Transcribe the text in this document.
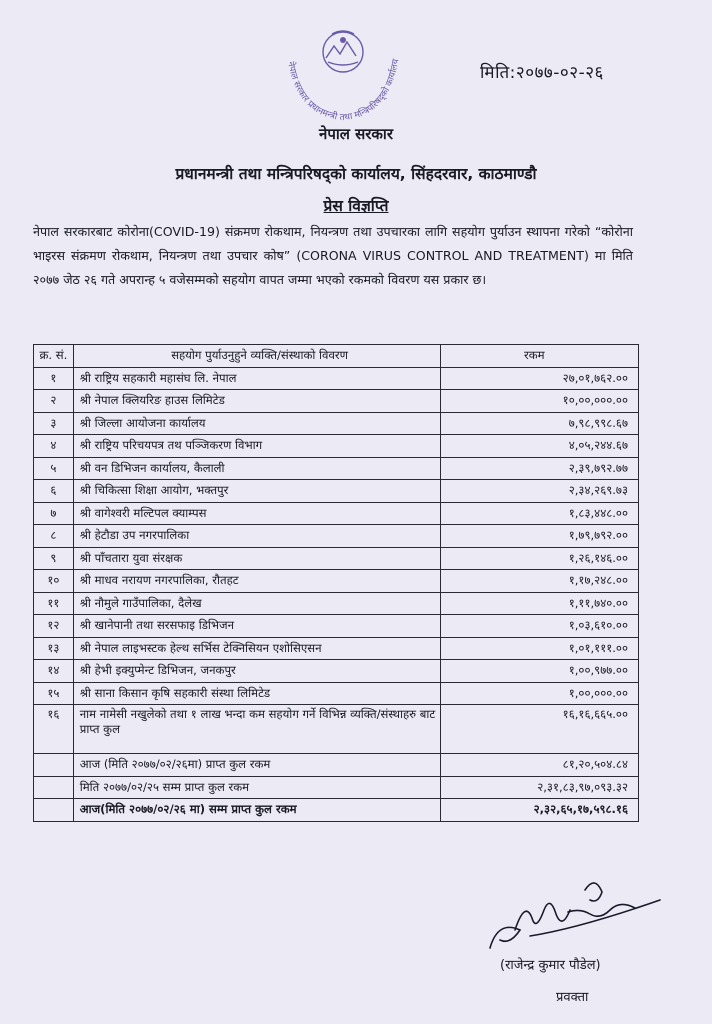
नेपाल सरकार प्रधानमन्त्री तथा मन्त्रिपरिषद्को कार्यालय
मिति:२०७७-०२-२६
नेपाल सरकार
प्रधानमन्त्री तथा मन्त्रिपरिषद्को कार्यालय, सिंहदरवार, काठमाण्डौ
प्रेस विज्ञप्ति
नेपाल सरकारबाट कोरोना(COVID-19) संक्रमण रोकथाम, नियन्त्रण तथा उपचारका लागि सहयोग पुर्याउन स्थापना गरेको “कोरोना भाइरस संक्रमण रोकथाम, नियन्त्रण तथा उपचार कोष” (CORONA VIRUS CONTROL AND TREATMENT) मा मिति २०७७ जेठ २६ गते अपरान्ह ५ वजेसम्मको सहयोग वापत जम्मा भएको रकमको विवरण यस प्रकार छ।
क्र. सं.	सहयोग पुर्याउनुहुने व्यक्ति/संस्थाको विवरण	रकम
१	श्री राष्ट्रिय सहकारी महासंघ लि. नेपाल	२७,०१,७६२.००
२	श्री नेपाल क्लियरिङ हाउस लिमिटेड	१०,००,०००.००
३	श्री जिल्ला आयोजना कार्यालय	७,९८,९९८.६७
४	श्री राष्ट्रिय परिचयपत्र तथ पञ्जिकरण विभाग	४,०५,२४४.६७
५	श्री वन डिभिजन कार्यालय, कैलाली	२,३९,७९२.७७
६	श्री चिकित्सा शिक्षा आयोग, भक्तपुर	२,३४,२६९.७३
७	श्री वागेश्वरी मल्टिपल क्याम्पस	१,८३,४४८.००
८	श्री हेटौडा उप नगरपालिका	१,७९,७९२.००
९	श्री पाँचतारा युवा संरक्षक	१,२६,१४६.००
१०	श्री माधव नरायण नगरपालिका, रौतहट	१,१७,२४८.००
११	श्री नौमुले गाउँपालिका, दैलेख	१,११,७४०.००
१२	श्री खानेपानी तथा सरसफाइ डिभिजन	१,०३,६१०.००
१३	श्री नेपाल लाइभस्टक हेल्थ सर्भिस टेक्निसियन एशोसिएसन	१,०१,१११.००
१४	श्री हेभी इक्युप्मेन्ट डिभिजन, जनकपुर	१,००,९७७.००
१५	श्री साना किसान कृषि सहकारी संस्था लिमिटेड	१,००,०००.००
१६	नाम नामेसी नखुलेको तथा १ लाख भन्दा कम सहयोग गर्ने विभिन्न व्यक्ति/संस्थाहरु बाट प्राप्त कुल	१६,१६,६६५.००
	आज (मिति २०७७/०२/२६मा) प्राप्त कुल रकम	८१,२०,५०४.८४
	मिति २०७७/०२/२५ सम्म प्राप्त कुल रकम	२,३१,८३,९७,०९३.३२
	आज(मिति २०७७/०२/२६ मा) सम्म प्राप्त कुल रकम	२,३२,६५,१७,५९८.१६
(राजेन्द्र कुमार पौडेल)
प्रवक्ता
